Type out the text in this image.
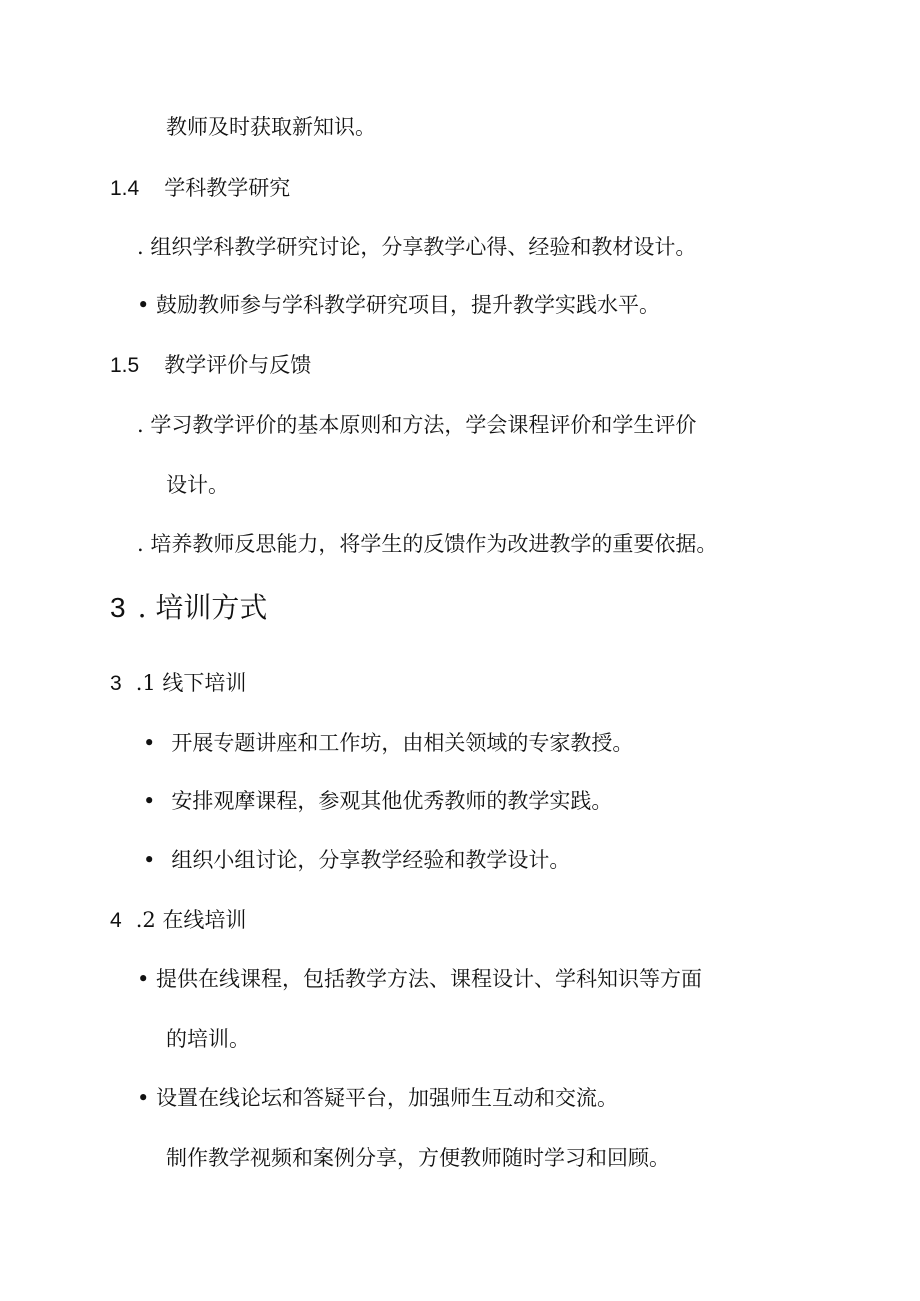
教师及时获取新知识。
1.4 学科教学研究
. 组织学科教学研究讨论，分享教学心得、经验和教材设计。
• 鼓励教师参与学科教学研究项目，提升教学实践水平。
1.5 教学评价与反馈
. 学习教学评价的基本原则和方法，学会课程评价和学生评价
设计。
. 培养教师反思能力，将学生的反馈作为改进教学的重要依据。
3 . 培训方式
3 .1 线下培训
• 开展专题讲座和工作坊，由相关领域的专家教授。
• 安排观摩课程，参观其他优秀教师的教学实践。
• 组织小组讨论，分享教学经验和教学设计。
4 .2 在线培训
• 提供在线课程，包括教学方法、课程设计、学科知识等方面
的培训。
• 设置在线论坛和答疑平台，加强师生互动和交流。
制作教学视频和案例分享，方便教师随时学习和回顾。
